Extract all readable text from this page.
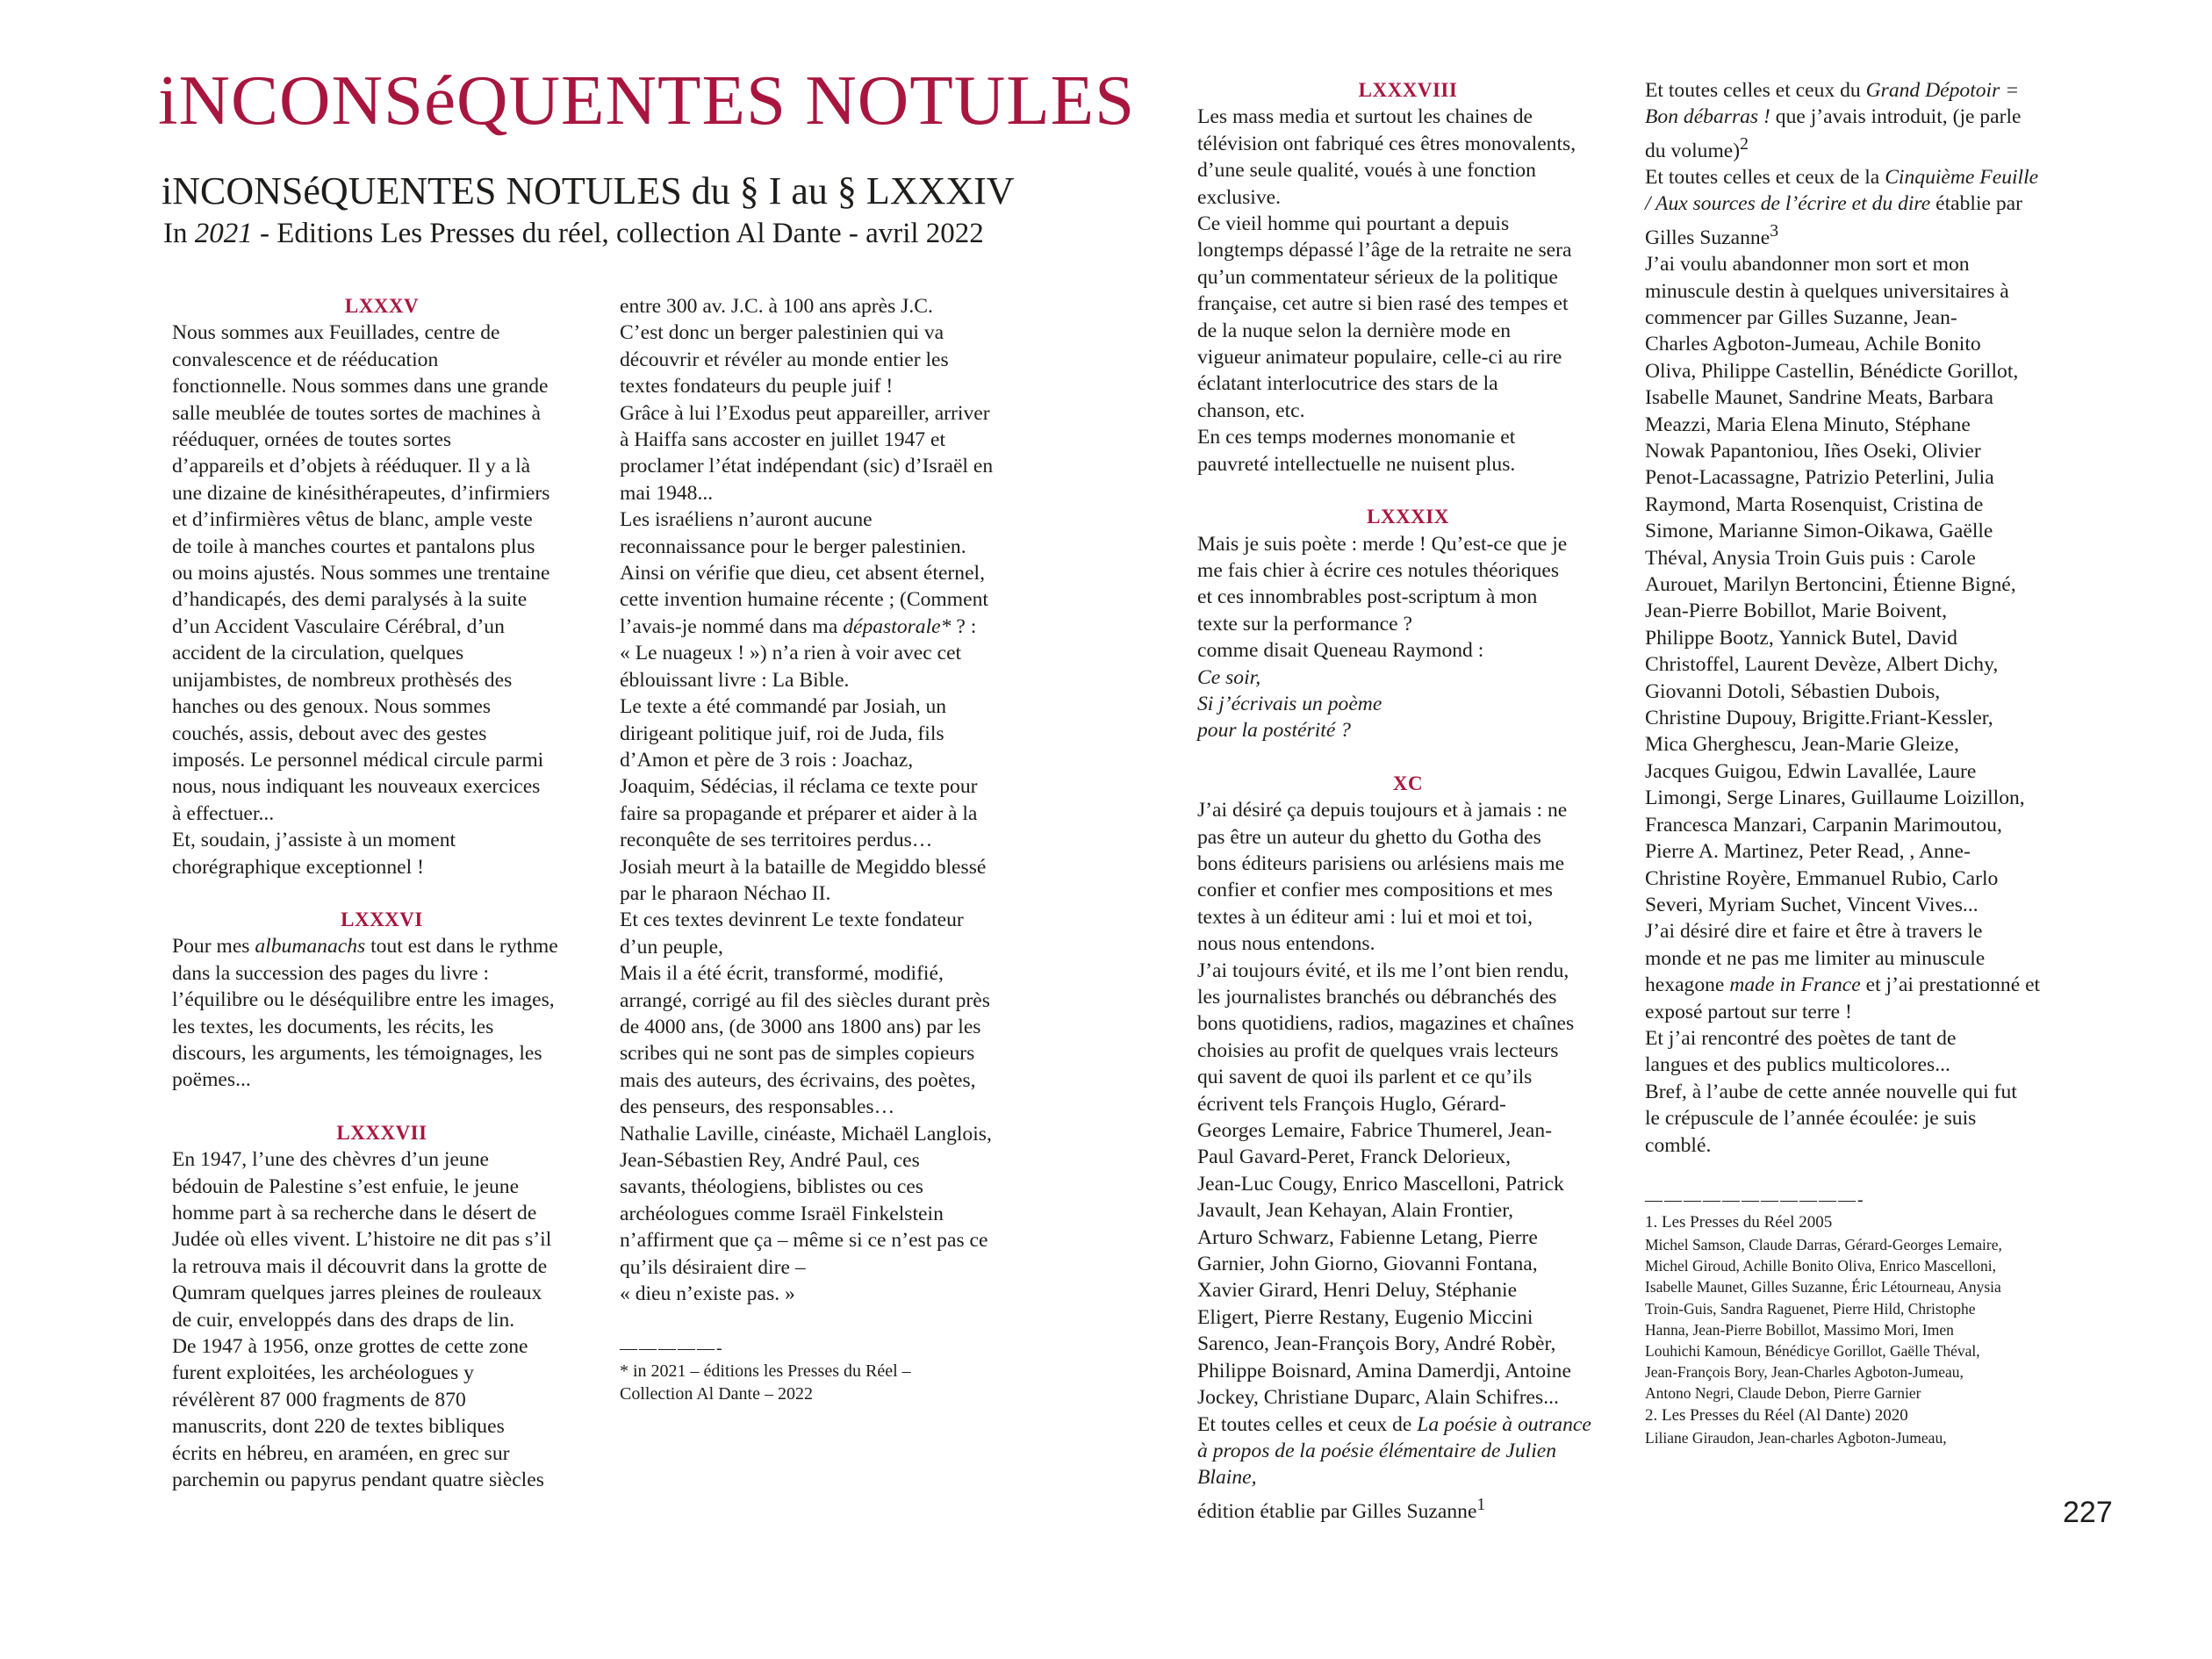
iNCONSéQUENTES NOTULES
iNCONSéQUENTES NOTULES du § I au § LXXXIV

In 2021 - Editions Les Presses du réel, collection Al Dante - avril 2022

LXXXV

Nous sommes aux Feuillades, centre de

convalescence et de rééducation

fonctionnelle. Nous sommes dans une grande

salle meublée de toutes sortes de machines à

rééduquer, ornées de toutes sortes

d’appareils et d’objets à rééduquer. Il y a là

une dizaine de kinésithérapeutes, d’infirmiers

et d’infirmières vêtus de blanc, ample veste

de toile à manches courtes et pantalons plus

ou moins ajustés. Nous sommes une trentaine

d’handicapés, des demi paralysés à la suite

d’un Accident Vasculaire Cérébral, d’un

accident de la circulation, quelques

unijambistes, de nombreux prothèsés des

hanches ou des genoux. Nous sommes

couchés, assis, debout avec des gestes

imposés. Le personnel médical circule parmi

nous, nous indiquant les nouveaux exercices

à effectuer...

Et, soudain, j’assiste à un moment

chorégraphique exceptionnel !

LXXXVI

Pour mes albumanachs tout est dans le rythme

dans la succession des pages du livre :

l’équilibre ou le déséquilibre entre les images,

les textes, les documents, les récits, les

discours, les arguments, les témoignages, les

poëmes...

LXXXVII

En 1947, l’une des chèvres d’un jeune

bédouin de Palestine s’est enfuie, le jeune

homme part à sa recherche dans le désert de

Judée où elles vivent. L’histoire ne dit pas s’il

la retrouva mais il découvrit dans la grotte de

Qumram quelques jarres pleines de rouleaux

de cuir, enveloppés dans des draps de lin.

De 1947 à 1956, onze grottes de cette zone

furent exploitées, les archéologues y

révélèrent 87 000 fragments de 870

manuscrits, dont 220 de textes bibliques

écrits en hébreu, en araméen, en grec sur

parchemin ou papyrus pendant quatre siècles

entre 300 av. J.C. à 100 ans après J.C.

C’est donc un berger palestinien qui va

découvrir et révéler au monde entier les

textes fondateurs du peuple juif !

Grâce à lui l’Exodus peut appareiller, arriver

à Haiffa sans accoster en juillet 1947 et

proclamer l’état indépendant (sic) d’Israël en

mai 1948...

Les israéliens n’auront aucune

reconnaissance pour le berger palestinien.

Ainsi on vérifie que dieu, cet absent éternel,

cette invention humaine récente ; (Comment

l’avais-je nommé dans ma dépastorale* ? :

« Le nuageux ! ») n’a rien à voir avec cet

éblouissant livre : La Bible.

Le texte a été commandé par Josiah, un

dirigeant politique juif, roi de Juda, fils

d’Amon et père de 3 rois : Joachaz,

Joaquim, Sédécias, il réclama ce texte pour

faire sa propagande et préparer et aider à la

reconquête de ses territoires perdus…

Josiah meurt à la bataille de Megiddo blessé

par le pharaon Néchao II.

Et ces textes devinrent Le texte fondateur

d’un peuple,

Mais il a été écrit, transformé, modifié,

arrangé, corrigé au fil des siècles durant près

de 4000 ans, (de 3000 ans 1800 ans) par les

scribes qui ne sont pas de simples copieurs

mais des auteurs, des écrivains, des poètes,

des penseurs, des responsables…

Nathalie Laville, cinéaste, Michaël Langlois,

Jean-Sébastien Rey, André Paul, ces

savants, théologiens, biblistes ou ces

archéologues comme Israël Finkelstein

n’affirment que ça – même si ce n’est pas ce

qu’ils désiraient dire –

« dieu n’existe pas. »

—————-

* in 2021 – éditions les Presses du Réel –

Collection Al Dante – 2022

LXXXVIII

Les mass media et surtout les chaines de

télévision ont fabriqué ces êtres monovalents,

d’une seule qualité, voués à une fonction

exclusive.

Ce vieil homme qui pourtant a depuis

longtemps dépassé l’âge de la retraite ne sera

qu’un commentateur sérieux de la politique

française, cet autre si bien rasé des tempes et

de la nuque selon la dernière mode en

vigueur animateur populaire, celle-ci au rire

éclatant interlocutrice des stars de la

chanson, etc.

En ces temps modernes monomanie et

pauvreté intellectuelle ne nuisent plus.

LXXXIX

Mais je suis poète : merde ! Qu’est-ce que je

me fais chier à écrire ces notules théoriques

et ces innombrables post-scriptum à mon

texte sur la performance ?

comme disait Queneau Raymond :

Ce soir,

Si j’écrivais un poème

pour la postérité ?

XC

J’ai désiré ça depuis toujours et à jamais : ne

pas être un auteur du ghetto du Gotha des

bons éditeurs parisiens ou arlésiens mais me

confier et confier mes compositions et mes

textes à un éditeur ami : lui et moi et toi,

nous nous entendons.

J’ai toujours évité, et ils me l’ont bien rendu,

les journalistes branchés ou débranchés des

bons quotidiens, radios, magazines et chaînes

choisies au profit de quelques vrais lecteurs

qui savent de quoi ils parlent et ce qu’ils

écrivent tels François Huglo, Gérard-

Georges Lemaire, Fabrice Thumerel, Jean-

Paul Gavard-Peret, Franck Delorieux,

Jean-Luc Cougy, Enrico Mascelloni, Patrick

Javault, Jean Kehayan, Alain Frontier,

Arturo Schwarz, Fabienne Letang, Pierre

Garnier, John Giorno, Giovanni Fontana,

Xavier Girard, Henri Deluy, Stéphanie

Eligert, Pierre Restany, Eugenio Miccini

Sarenco, Jean-François Bory, André Robèr,

Philippe Boisnard, Amina Damerdji, Antoine

Jockey, Christiane Duparc, Alain Schifres...

Et toutes celles et ceux de La poésie à outrance

à propos de la poésie élémentaire de Julien Blaine,

édition établie par Gilles Suzanne$^1$

Et toutes celles et ceux du Grand Dépotoir =

Bon débarras ! que j’avais introduit, (je parle

du volume)$^2$

Et toutes celles et ceux de la Cinquième Feuille

/ Aux sources de l’écrire et du dire établie par

Gilles Suzanne$^3$

J’ai voulu abandonner mon sort et mon

minuscule destin à quelques universitaires à

commencer par Gilles Suzanne, Jean-

Charles Agboton-Jumeau, Achile Bonito

Oliva, Philippe Castellin, Bénédicte Gorillot,

Isabelle Maunet, Sandrine Meats, Barbara

Meazzi, Maria Elena Minuto, Stéphane

Nowak Papantoniou, Iñes Oseki, Olivier

Penot-Lacassagne, Patrizio Peterlini, Julia

Raymond, Marta Rosenquist, Cristina de

Simone, Marianne Simon-Oikawa, Gaëlle

Théval, Anysia Troin Guis puis : Carole

Aurouet, Marilyn Bertoncini, Étienne Bigné,

Jean-Pierre Bobillot, Marie Boivent,

Philippe Bootz, Yannick Butel, David

Christoffel, Laurent Devèze, Albert Dichy,

Giovanni Dotoli, Sébastien Dubois,

Christine Dupouy, Brigitte.Friant-Kessler,

Mica Gherghescu, Jean-Marie Gleize,

Jacques Guigou, Edwin Lavallée, Laure

Limongi, Serge Linares, Guillaume Loizillon,

Francesca Manzari, Carpanin Marimoutou,

Pierre A. Martinez, Peter Read, , Anne-

Christine Royère, Emmanuel Rubio, Carlo

Severi, Myriam Suchet, Vincent Vives...

J’ai désiré dire et faire et être à travers le

monde et ne pas me limiter au minuscule

hexagone made in France et j’ai prestationné et

exposé partout sur terre !

Et j’ai rencontré des poètes de tant de

langues et des publics multicolores...

Bref, à l’aube de cette année nouvelle qui fut

le crépuscule de l’année écoulée: je suis

comblé.

———————————-

1. Les Presses du Réel 2005

Michel Samson, Claude Darras, Gérard-Georges Lemaire,

Michel Giroud, Achille Bonito Oliva, Enrico Mascelloni,

Isabelle Maunet, Gilles Suzanne, Éric Létourneau, Anysia

Troin-Guis, Sandra Raguenet, Pierre Hild, Christophe

Hanna, Jean-Pierre Bobillot, Massimo Mori, Imen

Louhichi Kamoun, Bénédicye Gorillot, Gaëlle Théval,

Jean-François Bory, Jean-Charles Agboton-Jumeau,

Antono Negri, Claude Debon, Pierre Garnier

2. Les Presses du Réel (Al Dante) 2020

Liliane Giraudon, Jean-charles Agboton-Jumeau,

227
